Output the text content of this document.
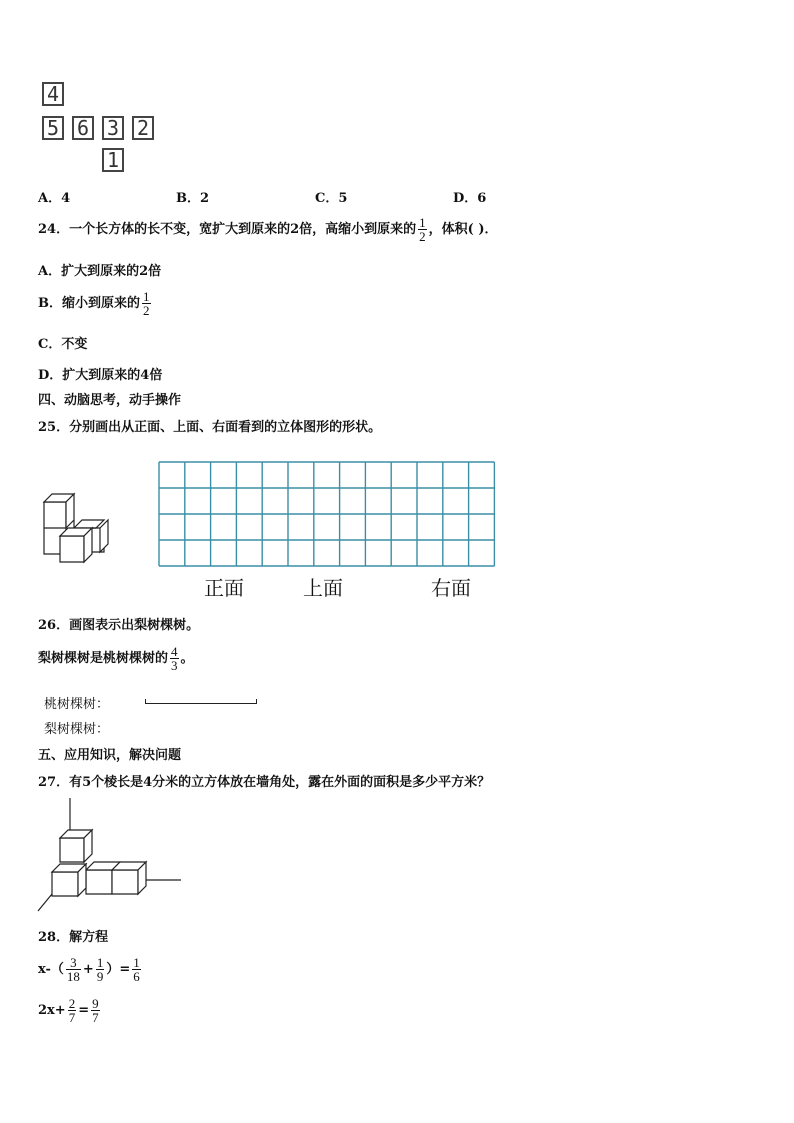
4
5 6 3 2
1
A．4	B．2	C．5	D．6
24．一个长方体的长不变，宽扩大到原来的2倍，高缩小到原来的 $\frac{1}{2}$ ，体积( )．
A．扩大到原来的2倍
B．缩小到原来的 $\frac{1}{2}$
C．不变
D．扩大到原来的4倍
四、动脑思考，动手操作
25．分别画出从正面、上面、右面看到的立体图形的形状。
正面	上面	右面
26．画图表示出梨树棵树。
梨树棵树是桃树棵树的 $\frac{4}{3}$ 。
桃树棵树：
梨树棵树：
五、应用知识，解决问题
27．有5个棱长是4分米的立方体放在墙角处，露在外面的面积是多少平方米？
28．解方程
$x-( \frac{3}{18} + \frac{1}{9}$ ）= $\frac{1}{6}$
$2x+ \frac{2}{7} = \frac{9}{7}$
